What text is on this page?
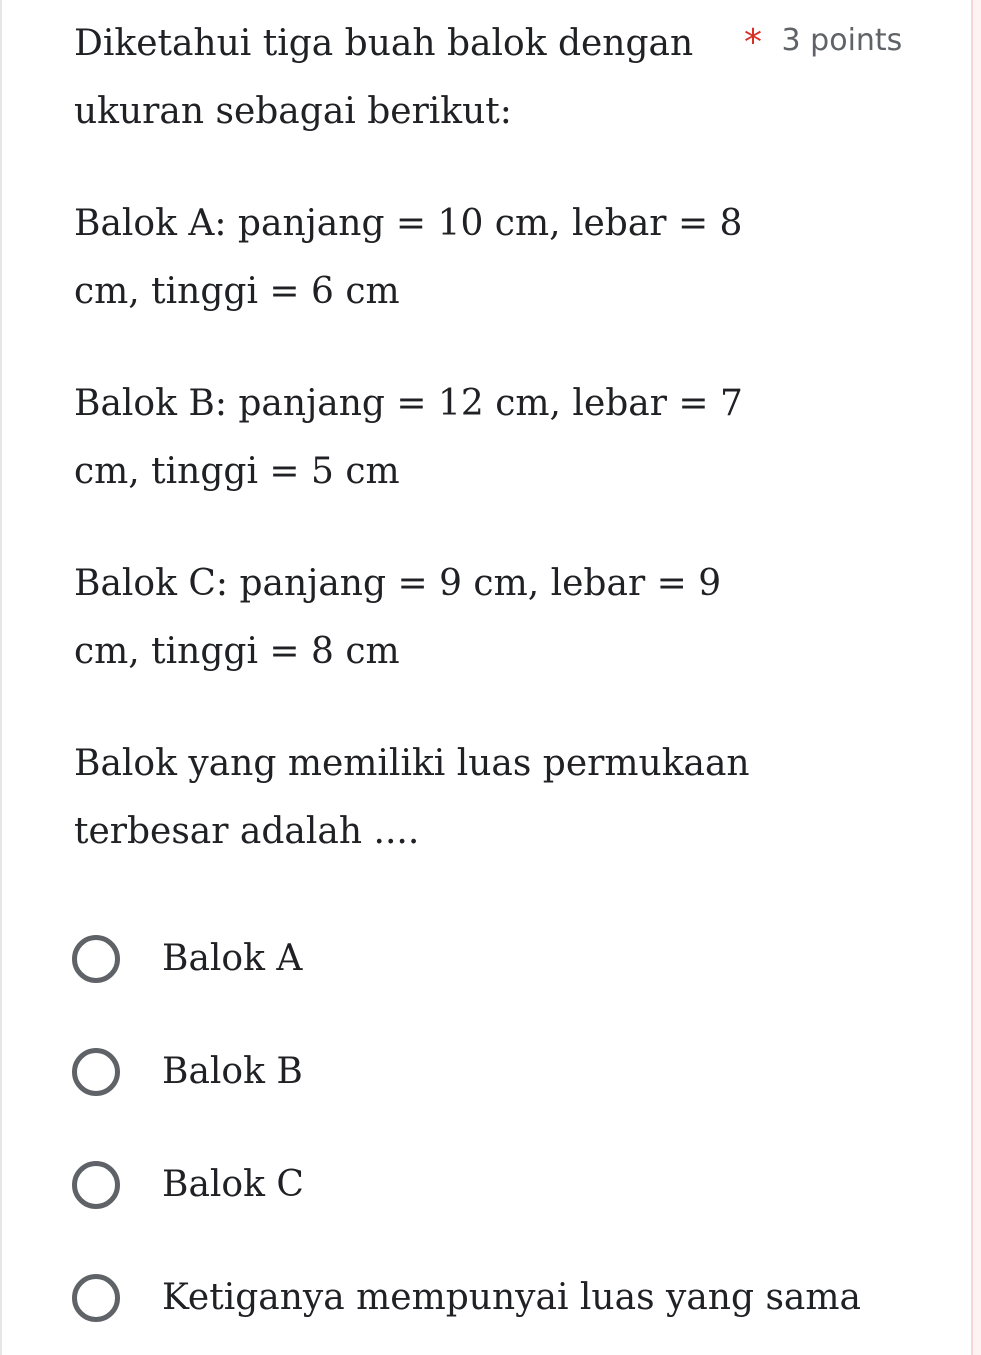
Diketahui tiga buah balok dengan ukuran sebagai berikut:

Balok A: panjang = 10 cm, lebar = 8 cm, tinggi = 6 cm

Balok B: panjang = 12 cm, lebar = 7 cm, tinggi = 5 cm

Balok C: panjang = 9 cm, lebar = 9 cm, tinggi = 8 cm

Balok yang memiliki luas permukaan terbesar adalah ....

* 3 points
Balok A
Balok B
Balok C
Ketiganya mempunyai luas yang sama
